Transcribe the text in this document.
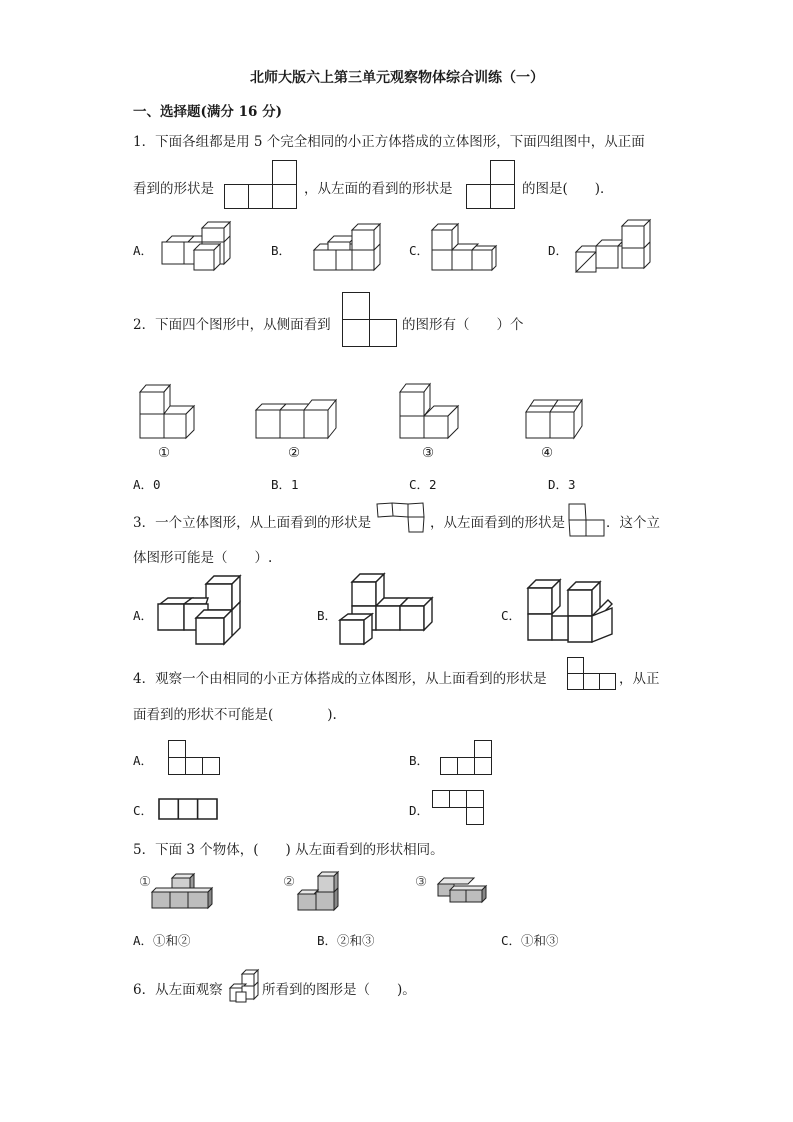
北师大版六上第三单元观察物体综合训练（一）
一、选择题(满分 16 分)
1．下面各组都是用 5 个完全相同的小正方体搭成的立体图形，下面四组图中，从正面
看到的形状是	，从左面的看到的形状是	的图是(　　)．
A．	B．	C．	D．
2．下面四个图形中，从侧面看到	的图形有（　　）个
①	②	③	④
A．0	B．1	C．2	D．3
3．一个立体图形，从上面看到的形状是	，从左面看到的形状是	．这个立
体图形可能是（　　）.
A．	B．	C．
4．观察一个由相同的小正方体搭成的立体图形，从上面看到的形状是	，从正
面看到的形状不可能是(　　　　).
A．	B．
C．	D．
5．下面 3 个物体，(　　) 从左面看到的形状相同。
①	②	③
A．①和②	B．②和③	C．①和③
6．从左面观察	所看到的图形是（　　)。
